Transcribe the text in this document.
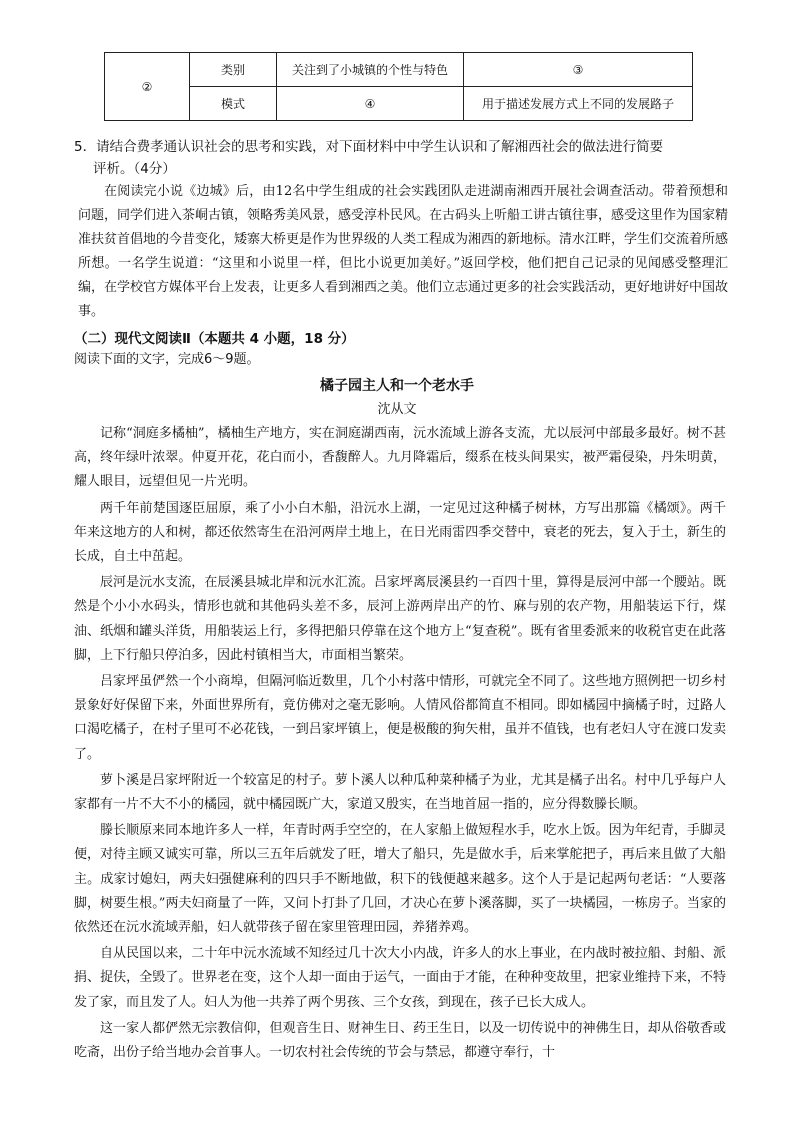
②	类别	关注到了小城镇的个性与特色	③
	模式	④	用于描述发展方式上不同的发展路子
5．请结合费孝通认识社会的思考和实践，对下面材料中中学生认识和了解湘西社会的做法进行简要
评析。（4分）

在阅读完小说《边城》后，由12名中学生组成的社会实践团队走进湖南湘西开展社会调查活动。带着预想和问题，同学们进入茶峒古镇，领略秀美风景，感受淳朴民风。在古码头上听船工讲古镇往事，感受这里作为国家精准扶贫首倡地的今昔变化，矮寨大桥更是作为世界级的人类工程成为湘西的新地标。清水江畔，学生们交流着所感所想。一名学生说道：“这里和小说里一样，但比小说更加美好。”返回学校，他们把自己记录的见闻感受整理汇编，在学校官方媒体平台上发表，让更多人看到湘西之美。他们立志通过更多的社会实践活动，更好地讲好中国故事。

（二）现代文阅读Ⅱ（本题共 4 小题，18 分）
阅读下面的文字，完成6～9题。
橘子园主人和一个老水手
沈从文

记称“洞庭多橘柚”，橘柚生产地方，实在洞庭湖西南，沅水流域上游各支流，尤以辰河中部最多最好。树不甚高，终年绿叶浓翠。仲夏开花，花白而小，香馥醉人。九月降霜后，缀系在枝头间果实，被严霜侵染，丹朱明黄，耀人眼目，远望但见一片光明。

两千年前楚国逐臣屈原，乘了小小白木船，沿沅水上湖，一定见过这种橘子树林，方写出那篇《橘颂》。两千年来这地方的人和树，都还依然寄生在沿河两岸土地上，在日光雨雷四季交替中，衰老的死去，复入于土，新生的长成，自土中茁起。

辰河是沅水支流，在辰溪县城北岸和沅水汇流。吕家坪离辰溪县约一百四十里，算得是辰河中部一个腰站。既然是个小小水码头，情形也就和其他码头差不多，辰河上游两岸出产的竹、麻与别的农产物，用船装运下行，煤油、纸烟和罐头洋货，用船装运上行，多得把船只停靠在这个地方上“复查税”。既有省里委派来的收税官吏在此落脚，上下行船只停泊多，因此村镇相当大，市面相当繁荣。

吕家坪虽俨然一个小商埠，但隔河临近数里，几个小村落中情形，可就完全不同了。这些地方照例把一切乡村景象好好保留下来，外面世界所有，竟仿佛对之毫无影响。人情风俗都简直不相同。即如橘园中摘橘子时，过路人口渴吃橘子，在村子里可不必花钱，一到吕家坪镇上，便是极酸的狗矢柑，虽并不值钱，也有老妇人守在渡口发卖了。

萝卜溪是吕家坪附近一个较富足的村子。萝卜溪人以种瓜种菜种橘子为业，尤其是橘子出名。村中几乎每户人家都有一片不大不小的橘园，就中橘园既广大，家道又殷实，在当地首屈一指的，应分得数滕长顺。

滕长顺原来同本地许多人一样，年青时两手空空的，在人家船上做短程水手，吃水上饭。因为年纪青，手脚灵便，对待主顾又诚实可靠，所以三五年后就发了旺，增大了船只，先是做水手，后来掌舵把子，再后来且做了大船主。成家讨媳妇，两夫妇强健麻利的四只手不断地做，积下的钱便越来越多。这个人于是记起两句老话：“人要落脚，树要生根。”两夫妇商量了一阵，又问卜打卦了几回，才决心在萝卜溪落脚，买了一块橘园，一栋房子。当家的依然还在沅水流域弄船，妇人就带孩子留在家里管理田园，养猪养鸡。

自从民国以来，二十年中沅水流域不知经过几十次大小内战，许多人的水上事业，在内战时被拉船、封船、派捐、捉伕，全毁了。世界老在变，这个人却一面由于运气，一面由于才能，在种种变故里，把家业维持下来，不特发了家，而且发了人。妇人为他一共养了两个男孩、三个女孩，到现在，孩子已长大成人。

这一家人都俨然无宗教信仰，但观音生日、财神生日、药王生日，以及一切传说中的神佛生日，却从俗敬香或吃斋，出份子给当地办会首事人。一切农村社会传统的节会与禁忌，都遵守奉行，十
